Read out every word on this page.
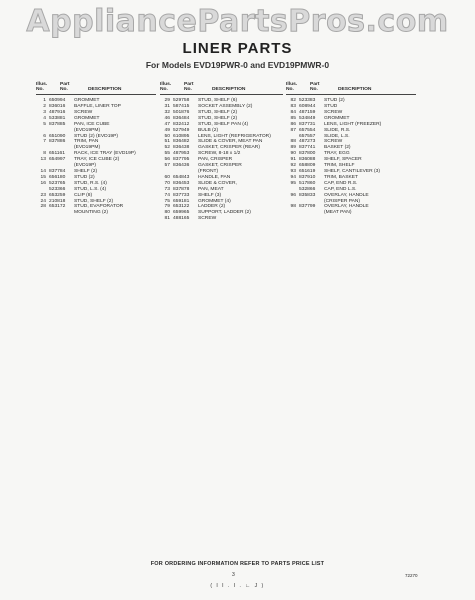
AppliancePartsPros.com
LINER PARTS
For Models EVD19PWR-0 and EVD19PMWR-0
Illus.
No.
Part
No.	DESCRIPTION
1 650994	GROMMET
2 836016	BAFFLE, LINER TOP
3 487916	SCREW
4 533881	GROMMET
5 837885	PAN, ICE CUBE
(EVD19PM)
6 651090	STUD (2) (EVD19P)
7 837886	TRIM, PAN
(EVD19PM)
8 651161	RACK, ICE TRAY (EVD19P)
13 654997	TRAY, ICE CUBE (2)
(EVD19P)
14 837784	SHELF (2)
15 656180	STUD (2)
16 523765	STUD, R.S. (4)
523366	STUD, L.S. (4)
23 653259	CLIP (8)
24 210818	STUD, SHELF (2)
28 653172	STUD, EVAPORATOR
MOUNTING (2)
Illus.
No.
Part
No.	DESCRIPTION
29 529758	STUD, SHELF (6)
31 587415	SOCKET ASSEMBLY (2)
32 501876	STUD, SHELF (2)
46 836484	STUD, SHELF (2)
47 832412	STUD, SHELF PAN (4)
49 527949	BULB (2)
50 610895	LENS, LIGHT (REFRIGERATOR)
51 836482	SLIDE & COVER, MEAT PAN
52 836438	GASKET, CRISPER (REAR)
55 487953	SCREW, 8-18 x 1/2
56 837795	PAN, CRISPER
57 836436	GASKET, CRISPER
(FRONT)
60 654843	HANDLE, PAN
70 836453	SLIDE & COVER,
73 837878	PAN, MEAT
74 837733	SHELF (3)
75 659181	GROMMET (4)
79 653122	LADDER (2)
80 659965	SUPPORT, LADDER (2)
81 488165	SCREW
Illus.
No.
Part
No.	DESCRIPTION
82 523383	STUD (2)
83 608944	STUD
84 487159	SCREW
85 534849	GROMMET
86 837731	LENS, LIGHT (FREEZER)
87 657554	SLIDE, R.S.
657557	SLIDE, L.S.
88 487273	SCREW
89 837741	BASKET (2)
90 837800	TRAY, EGG
91 836088	SHELF, SPACER
92 658809	TRIM, SHELF
93 651619	SHELF, CANTILEVER (3)
94 837910	TRIM, BASKET
95 517860	CAP, END R.S.
532866	CAP, END L.S.
96 835833	OVERLAY, HANDLE
(CRISPER PAN)
98 837799	OVERLAY, HANDLE
(MEAT PAN)
FOR ORDERING INFORMATION REFER TO PARTS PRICE LIST
3	72270
( I I . I . ∟ J )
